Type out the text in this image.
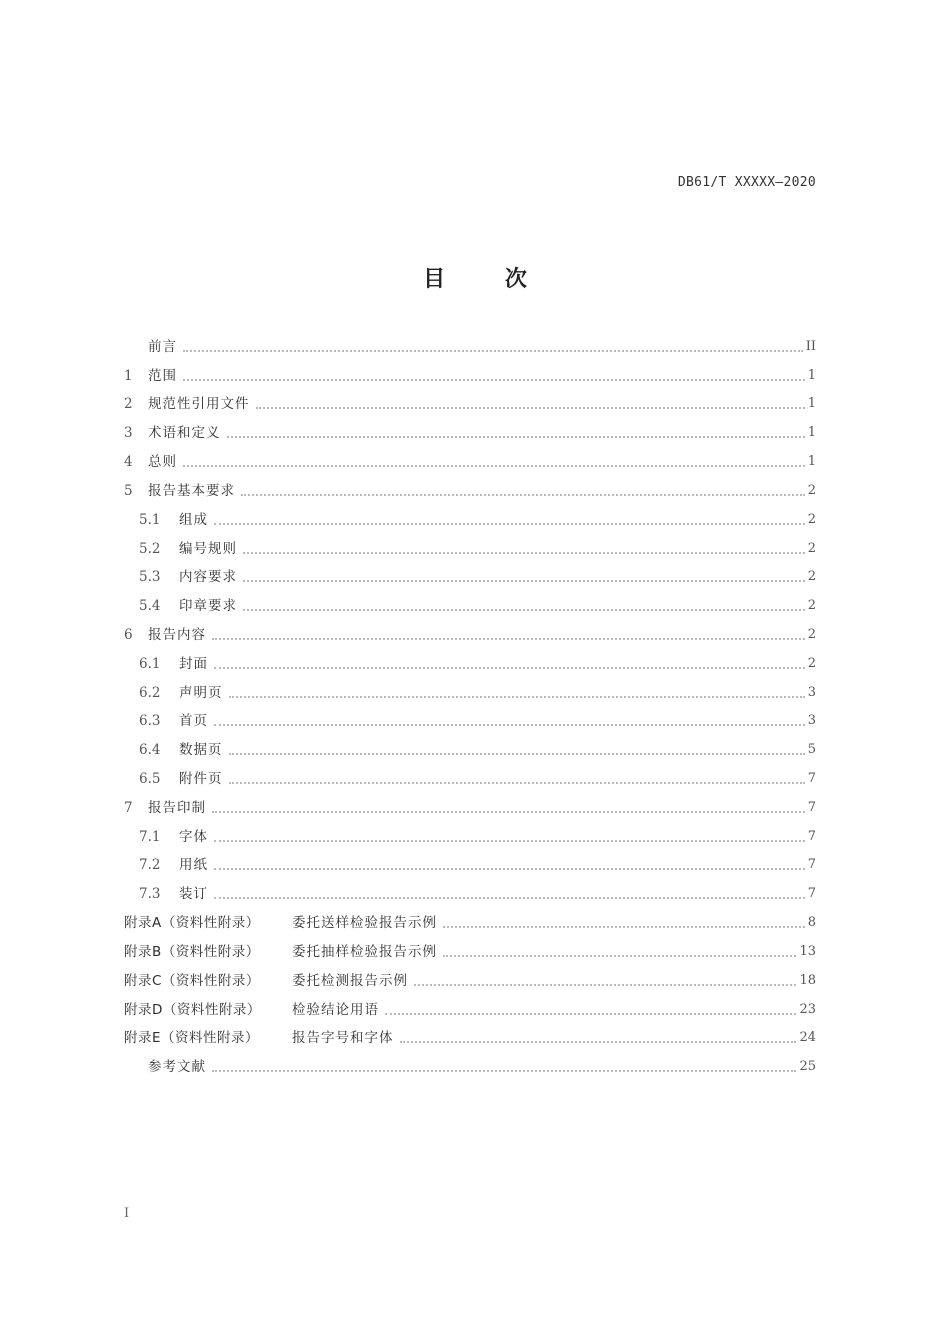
DB61/T XXXXX—2020
目 次
前言	II
1	范围	1
2	规范性引用文件	1
3	术语和定义	1
4	总则	1
5	报告基本要求	2
5.1	组成	2
5.2	编号规则	2
5.3	内容要求	2
5.4	印章要求	2
6	报告内容	2
6.1	封面	2
6.2	声明页	3
6.3	首页	3
6.4	数据页	5
6.5	附件页	7
7	报告印制	7
7.1	字体	7
7.2	用纸	7
7.3	装订	7
附录A（资料性附录）	委托送样检验报告示例	8
附录B（资料性附录）	委托抽样检验报告示例	13
附录C（资料性附录）	委托检测报告示例	18
附录D（资料性附录）	检验结论用语	23
附录E（资料性附录）	报告字号和字体	24
参考文献	25
I
